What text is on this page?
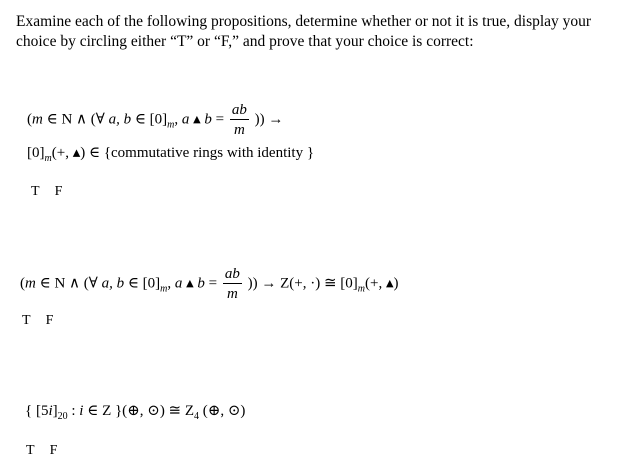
Examine each of the following propositions, determine whether or not it is true, display your choice by circling either “T” or “F,” and prove that your choice is correct:
(m ∈ N ∧ (∀ a, b ∈ $[0]_m$, a ▴ $b = \frac{ab}{m}$ )) →
$[0]_m(+$, ▴) ∈ {commutative rings with identity }
T F
(m ∈ N ∧ (∀ a, b ∈ $[0]_m$, a ▴ $b = \frac{ab}{m}$ )) → Z(+, ·) ≅ $[0]_m(+$, ▴)
T F
{ $[5i]_{20}$ : i ∈ Z }(⊕, ⊙) ≅ $Z_4$ (⊕, ⊙)
T F
